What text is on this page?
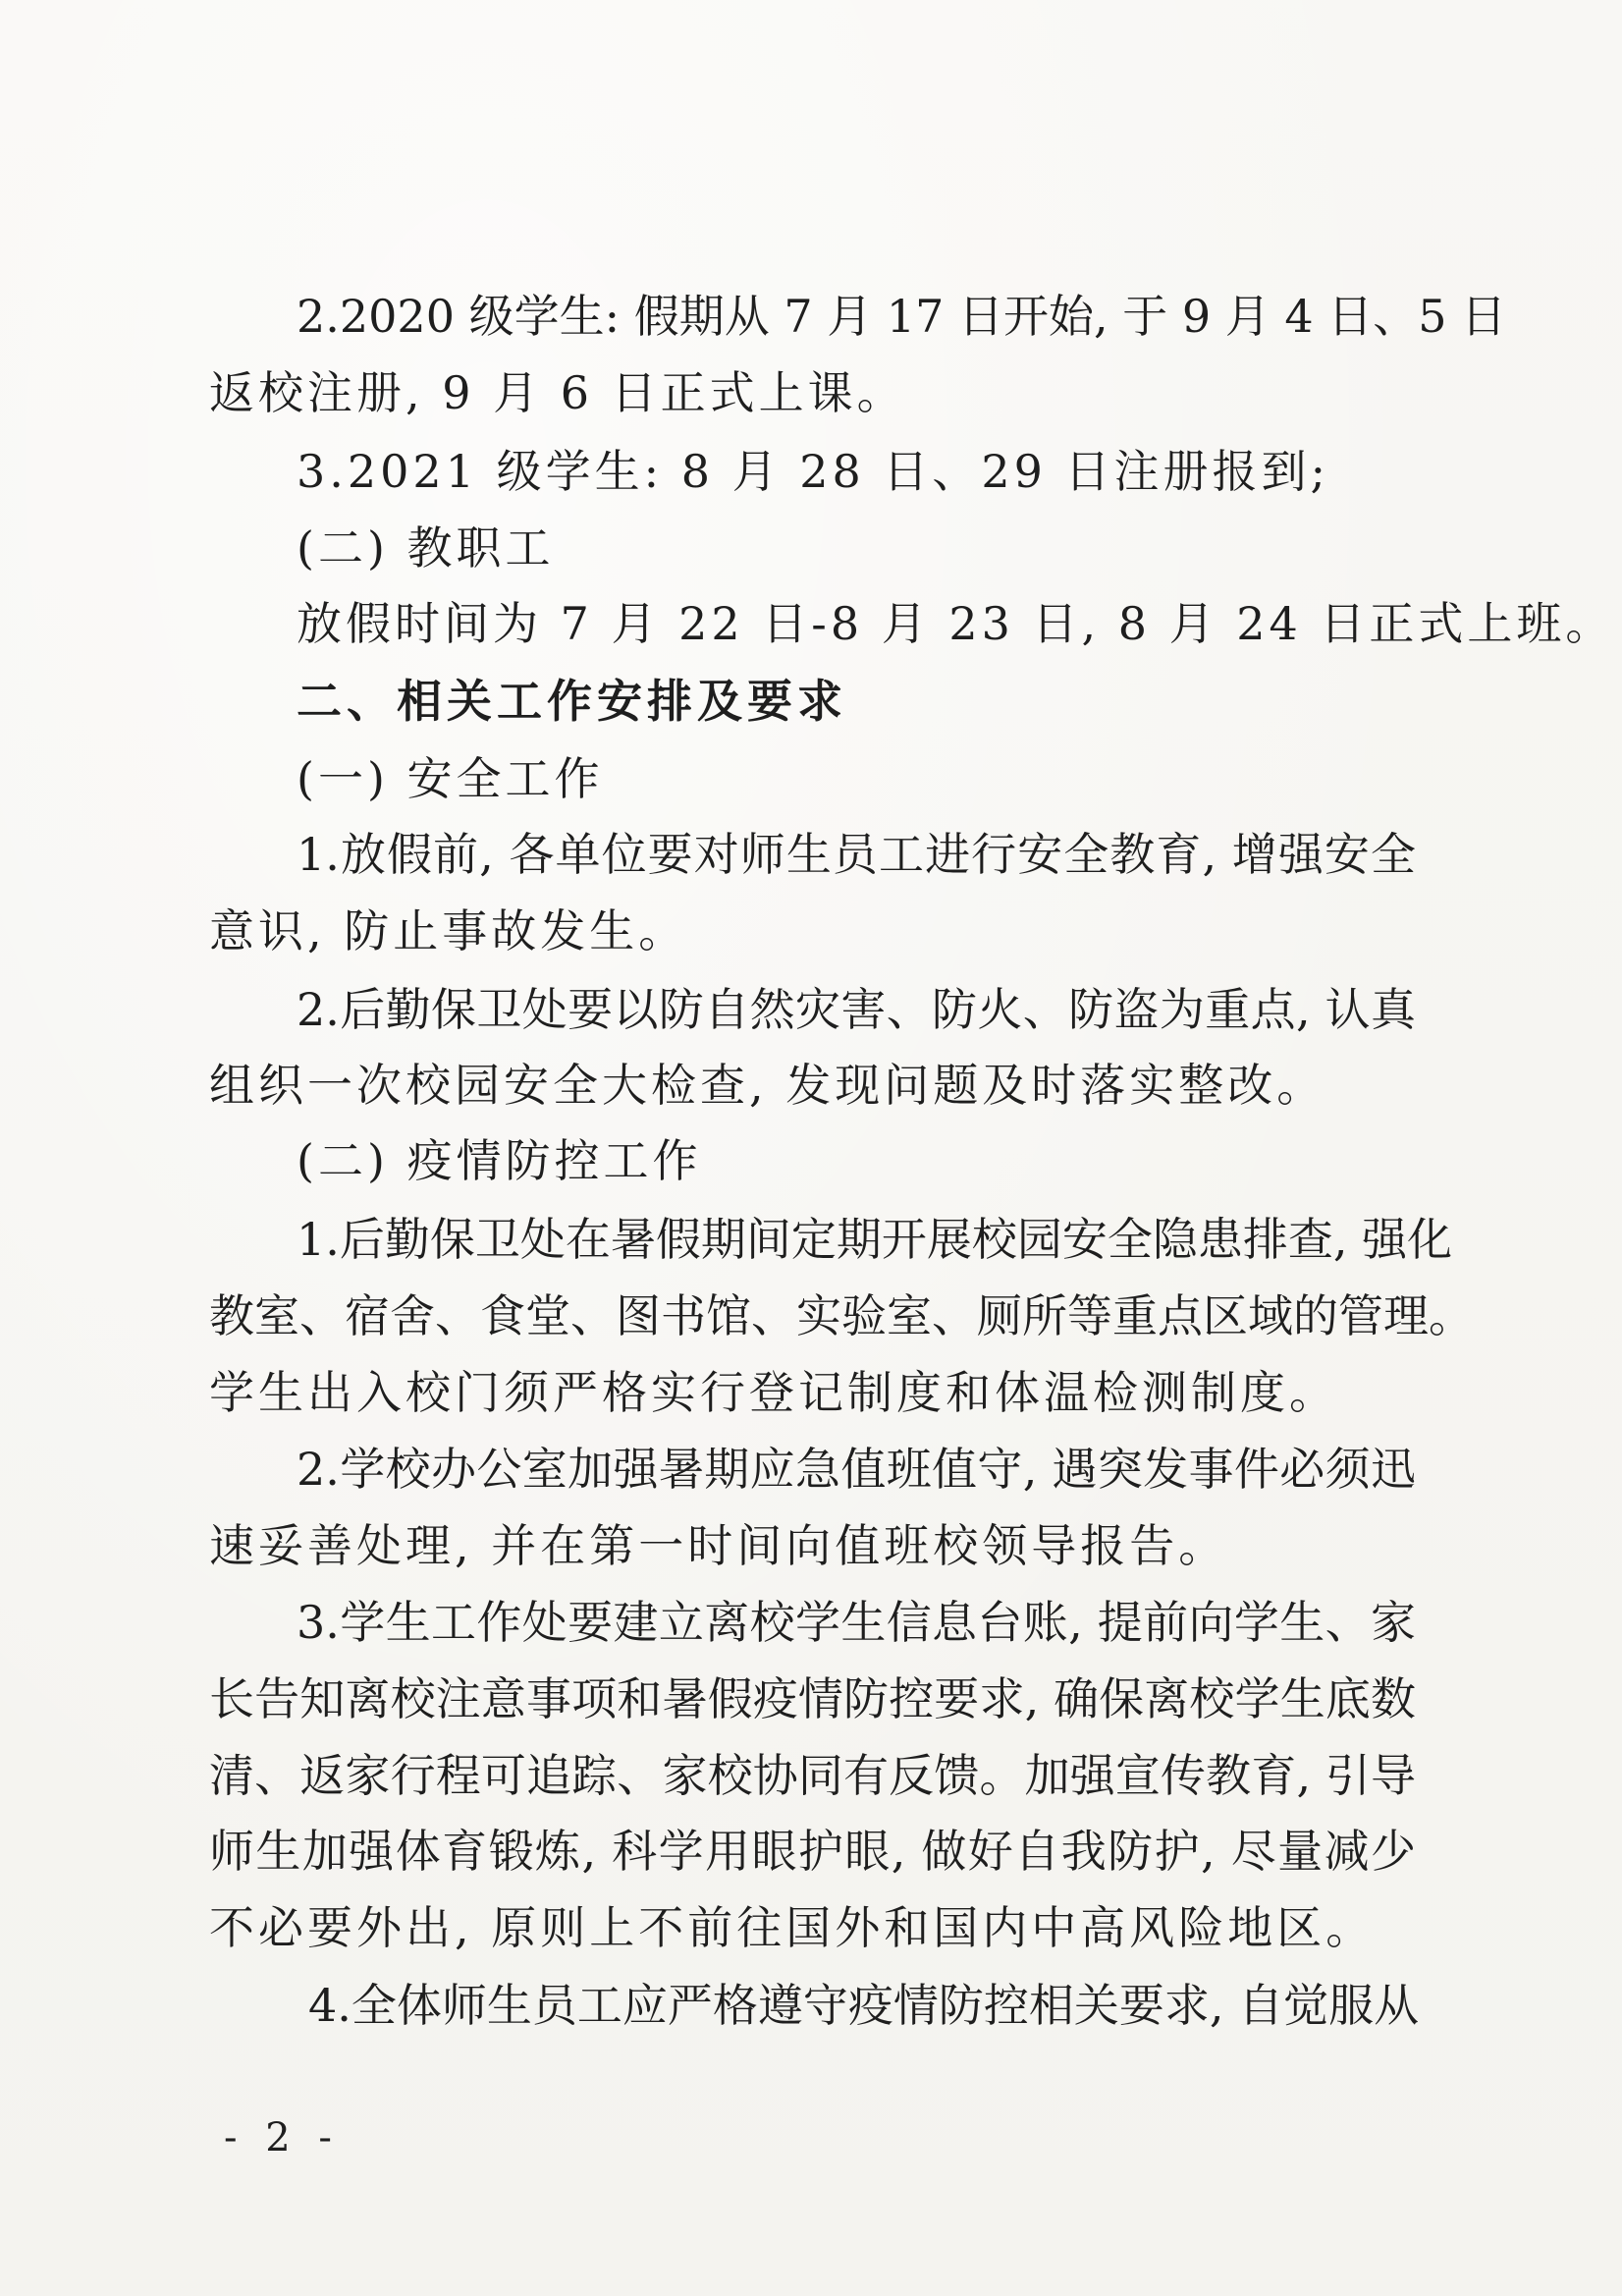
2.2020 级学生: 假期从 7 月 17 日开始, 于 9 月 4 日、5 日

返校注册, 9 月 6 日正式上课。

3.2021 级学生: 8 月 28 日、29 日注册报到;

(二) 教职工

放假时间为 7 月 22 日-8 月 23 日, 8 月 24 日正式上班。

二、相关工作安排及要求

(一) 安全工作

1.放假前, 各单位要对师生员工进行安全教育, 增强安全

意识, 防止事故发生。

2.后勤保卫处要以防自然灾害、防火、防盗为重点, 认真

组织一次校园安全大检查, 发现问题及时落实整改。

(二) 疫情防控工作

1.后勤保卫处在暑假期间定期开展校园安全隐患排查, 强化

教室、宿舍、食堂、图书馆、实验室、厕所等重点区域的管理。

学生出入校门须严格实行登记制度和体温检测制度。

2.学校办公室加强暑期应急值班值守, 遇突发事件必须迅

速妥善处理, 并在第一时间向值班校领导报告。

3.学生工作处要建立离校学生信息台账, 提前向学生、家

长告知离校注意事项和暑假疫情防控要求, 确保离校学生底数

清、返家行程可追踪、家校协同有反馈。加强宣传教育, 引导

师生加强体育锻炼, 科学用眼护眼, 做好自我防护, 尽量减少

不必要外出, 原则上不前往国外和国内中高风险地区。

4.全体师生员工应严格遵守疫情防控相关要求, 自觉服从

- 2 -
